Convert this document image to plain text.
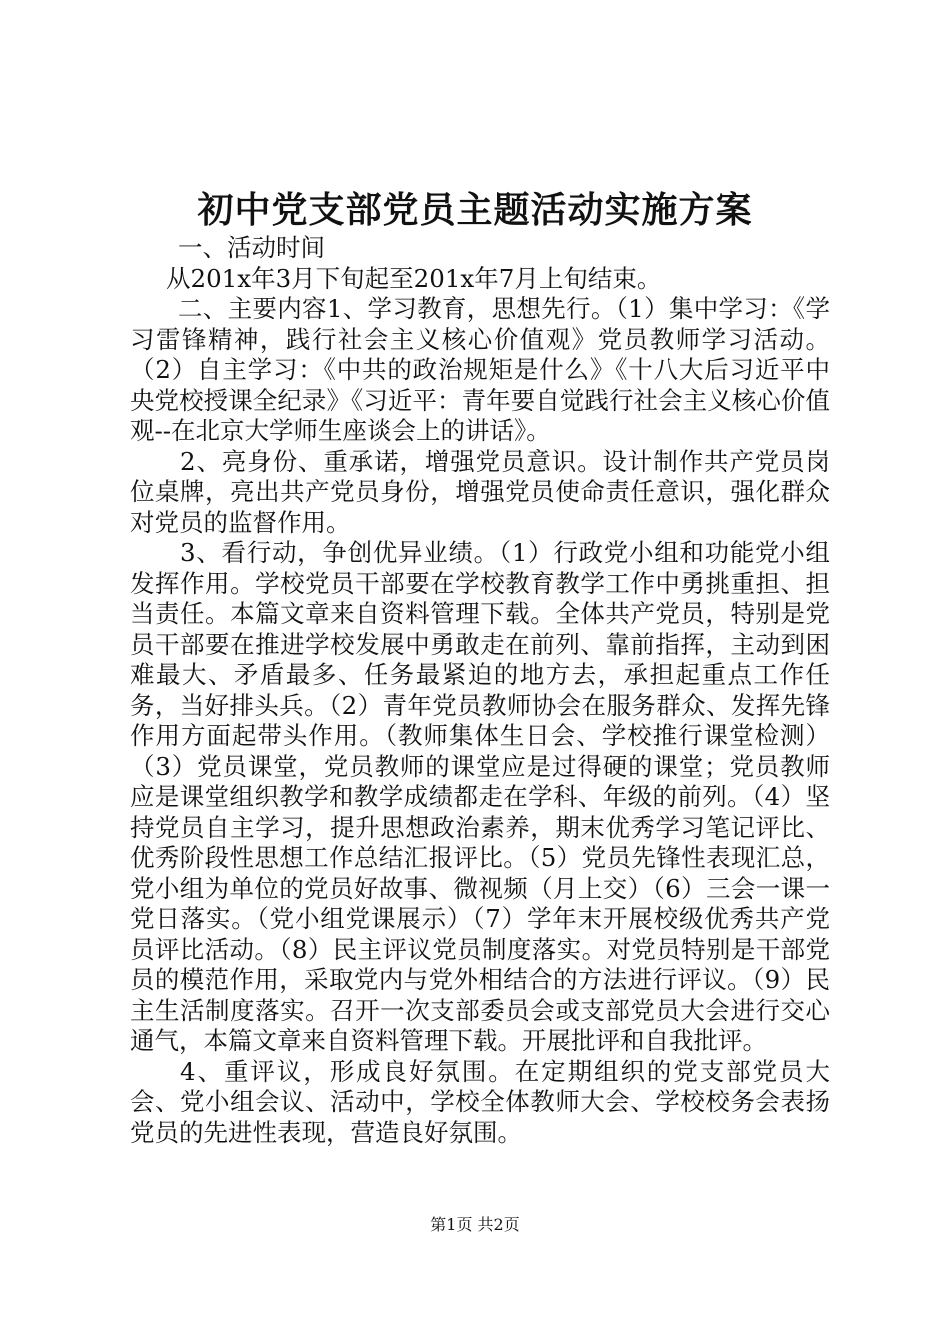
初中党支部党员主题活动实施方案

一、活动时间

从201x年3月下旬起至201x年7月上旬结束。

二、主要内容1、学习教育，思想先行。（1）集中学习：《学习雷锋精神，践行社会主义核心价值观》党员教师学习活动。（2）自主学习：《中共的政治规矩是什么》《十八大后习近平中央党校授课全纪录》《习近平：青年要自觉践行社会主义核心价值观--在北京大学师生座谈会上的讲话》。

2、亮身份、重承诺，增强党员意识。设计制作共产党员岗位桌牌，亮出共产党员身份，增强党员使命责任意识，强化群众对党员的监督作用。

3、看行动，争创优异业绩。（1）行政党小组和功能党小组发挥作用。学校党员干部要在学校教育教学工作中勇挑重担、担当责任。本篇文章来自资料管理下载。全体共产党员，特别是党员干部要在推进学校发展中勇敢走在前列、靠前指挥，主动到困难最大、矛盾最多、任务最紧迫的地方去，承担起重点工作任务，当好排头兵。（2）青年党员教师协会在服务群众、发挥先锋作用方面起带头作用。（教师集体生日会、学校推行课堂检测）（3）党员课堂，党员教师的课堂应是过得硬的课堂；党员教师应是课堂组织教学和教学成绩都走在学科、年级的前列。（4）坚持党员自主学习，提升思想政治素养，期末优秀学习笔记评比、优秀阶段性思想工作总结汇报评比。（5）党员先锋性表现汇总，党小组为单位的党员好故事、微视频（月上交）（6）三会一课一党日落实。（党小组党课展示）（7）学年末开展校级优秀共产党员评比活动。（8）民主评议党员制度落实。对党员特别是干部党员的模范作用，采取党内与党外相结合的方法进行评议。（9）民主生活制度落实。召开一次支部委员会或支部党员大会进行交心通气，本篇文章来自资料管理下载。开展批评和自我批评。

4、重评议，形成良好氛围。在定期组织的党支部党员大会、党小组会议、活动中，学校全体教师大会、学校校务会表扬党员的先进性表现，营造良好氛围。

第1页 共2页
